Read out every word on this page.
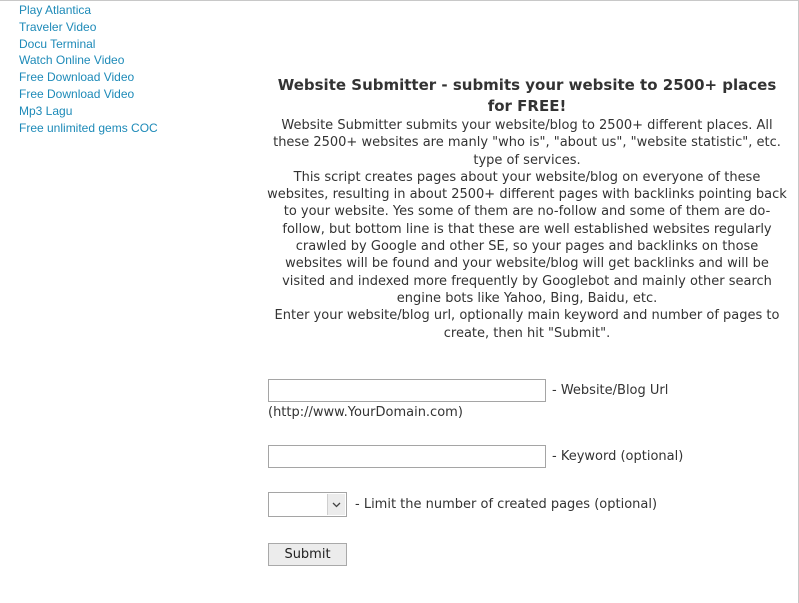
Play Atlantica
Traveler Video
Docu Terminal
Watch Online Video
Free Download Video
Free Download Video
Mp3 Lagu
Free unlimited gems COC
Website Submitter - submits your website to 2500+ places for FREE!

Website Submitter submits your website/blog to 2500+ different places. All these 2500+ websites are manly "who is", "about us", "website statistic", etc. type of services.

This script creates pages about your website/blog on everyone of these websites, resulting in about 2500+ different pages with backlinks pointing back to your website. Yes some of them are no-follow and some of them are do-follow, but bottom line is that these are well established websites regularly crawled by Google and other SE, so your pages and backlinks on those websites will be found and your website/blog will get backlinks and will be visited and indexed more frequently by Googlebot and mainly other search engine bots like Yahoo, Bing, Baidu, etc.

Enter your website/blog url, optionally main keyword and number of pages to create, then hit "Submit".

- Website/Blog Url
(http://www.YourDomain.com)
- Keyword (optional)
- Limit the number of created pages (optional)
Submit
